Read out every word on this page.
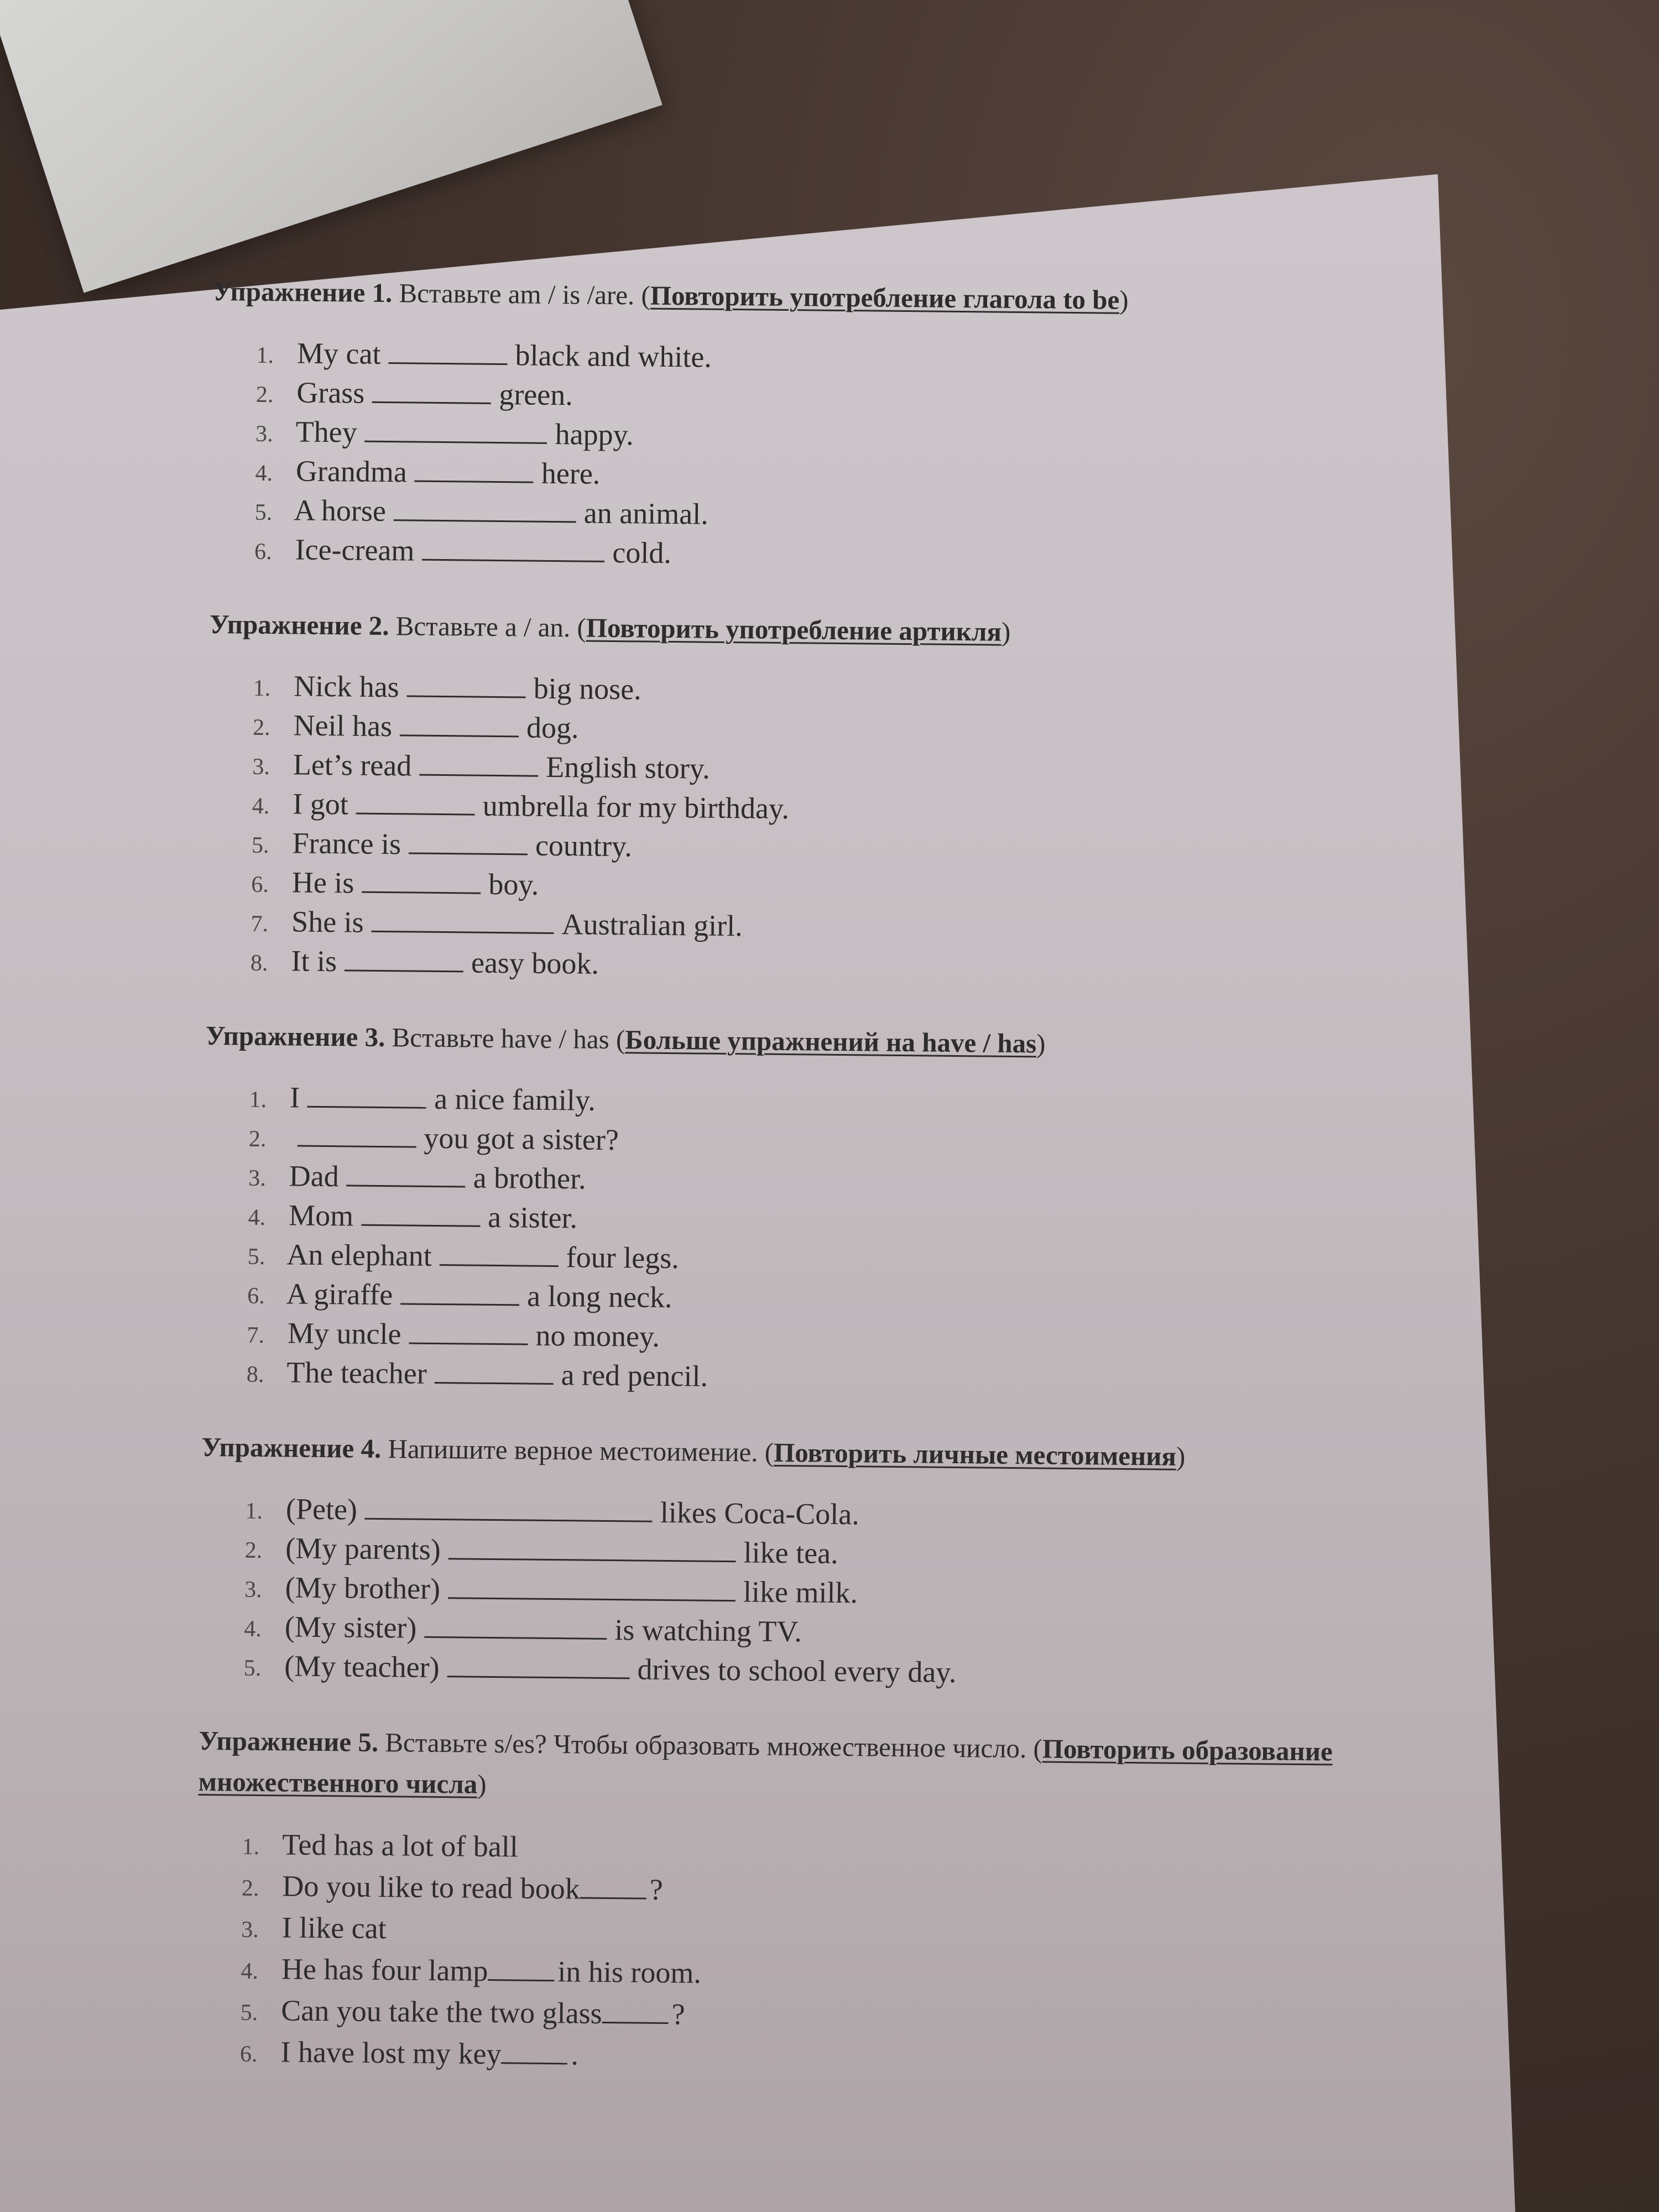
Упражнение 1. Вставьте am / is /are. (Повторить употребление глагола to be)

1. My cat	black and white.
2. Grass	green.
3. They	happy.
4. Grandma	here.
5. A horse	an animal.
6. Ice-cream	cold.

Упражнение 2. Вставьте a / an. (Повторить употребление артикля)

1. Nick has	big nose.
2. Neil has	dog.
3. Let’s read	English story.
4. I got	umbrella for my birthday.
5. France is	country.
6. He is	boy.
7. She is	Australian girl.
8. It is	easy book.

Упражнение 3. Вставьте have / has (Больше упражнений на have / has)

1. I	a nice family.
2.	you got a sister?
3. Dad	a brother.
4. Mom	a sister.
5. An elephant	four legs.
6. A giraffe	a long neck.
7. My uncle	no money.
8. The teacher	a red pencil.

Упражнение 4. Напишите верное местоимение. (Повторить личные местоимения)

1. (Pete)	likes Coca-Cola.
2. (My parents)	like tea.
3. (My brother)	like milk.
4. (My sister)	is watching TV.
5. (My teacher)	drives to school every day.

Упражнение 5. Вставьте s/es? Чтобы образовать множественное число. (Повторить образование множественного числа)

1. Ted has a lot of ball
2. Do you like to read book ?
3. I like cat
4. He has four lamp in his room.
5. Can you take the two glass ?
6. I have lost my key .
